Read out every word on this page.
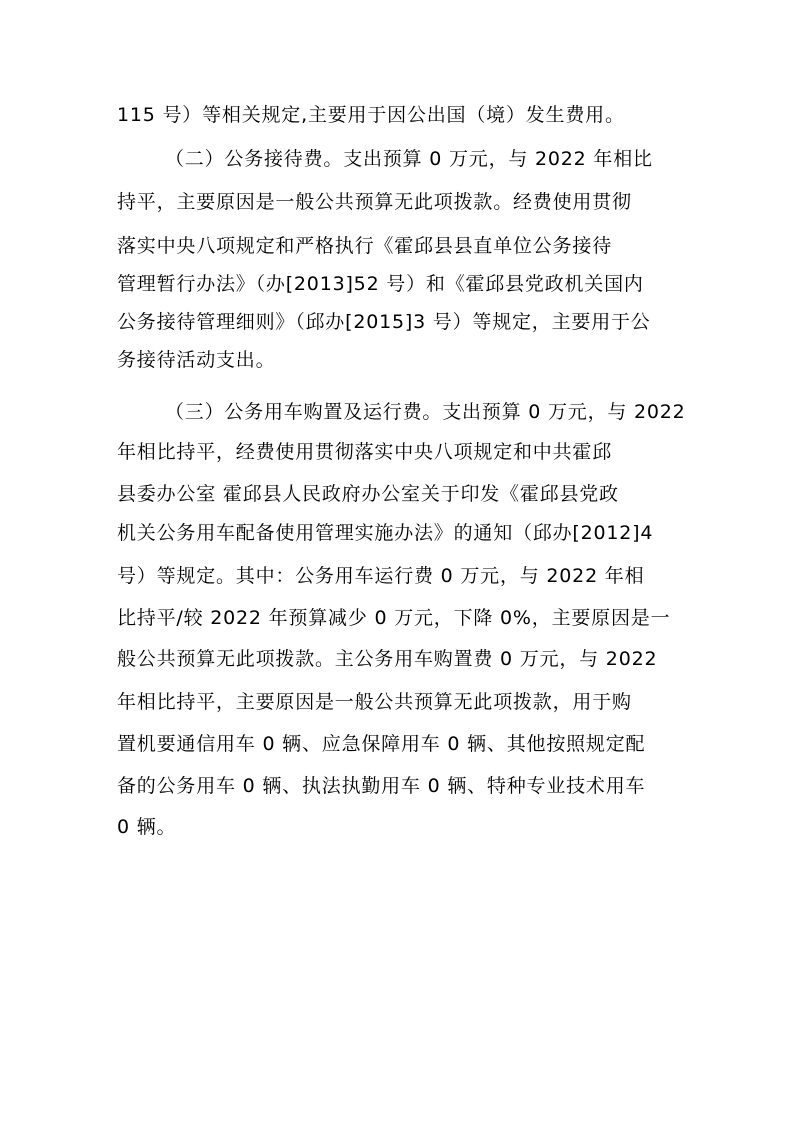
115 号）等相关规定,主要用于因公出国（境）发生费用。
（二）公务接待费。支出预算 0 万元，与 2022 年相比
持平，主要原因是一般公共预算无此项拨款。经费使用贯彻
落实中央八项规定和严格执行《霍邱县县直单位公务接待
管理暂行办法》（办[2013]52 号）和《霍邱县党政机关国内
公务接待管理细则》（邱办[2015]3 号）等规定，主要用于公
务接待活动支出。
（三）公务用车购置及运行费。支出预算 0 万元，与 2022
年相比持平，经费使用贯彻落实中央八项规定和中共霍邱
县委办公室 霍邱县人民政府办公室关于印发《霍邱县党政
机关公务用车配备使用管理实施办法》的通知（邱办[2012]4
号）等规定。其中：公务用车运行费 0 万元，与 2022 年相
比持平/较 2022 年预算减少 0 万元，下降 0%，主要原因是一
般公共预算无此项拨款。主公务用车购置费 0 万元，与 2022
年相比持平，主要原因是一般公共预算无此项拨款，用于购
置机要通信用车 0 辆、应急保障用车 0 辆、其他按照规定配
备的公务用车 0 辆、执法执勤用车 0 辆、特种专业技术用车
0 辆。
